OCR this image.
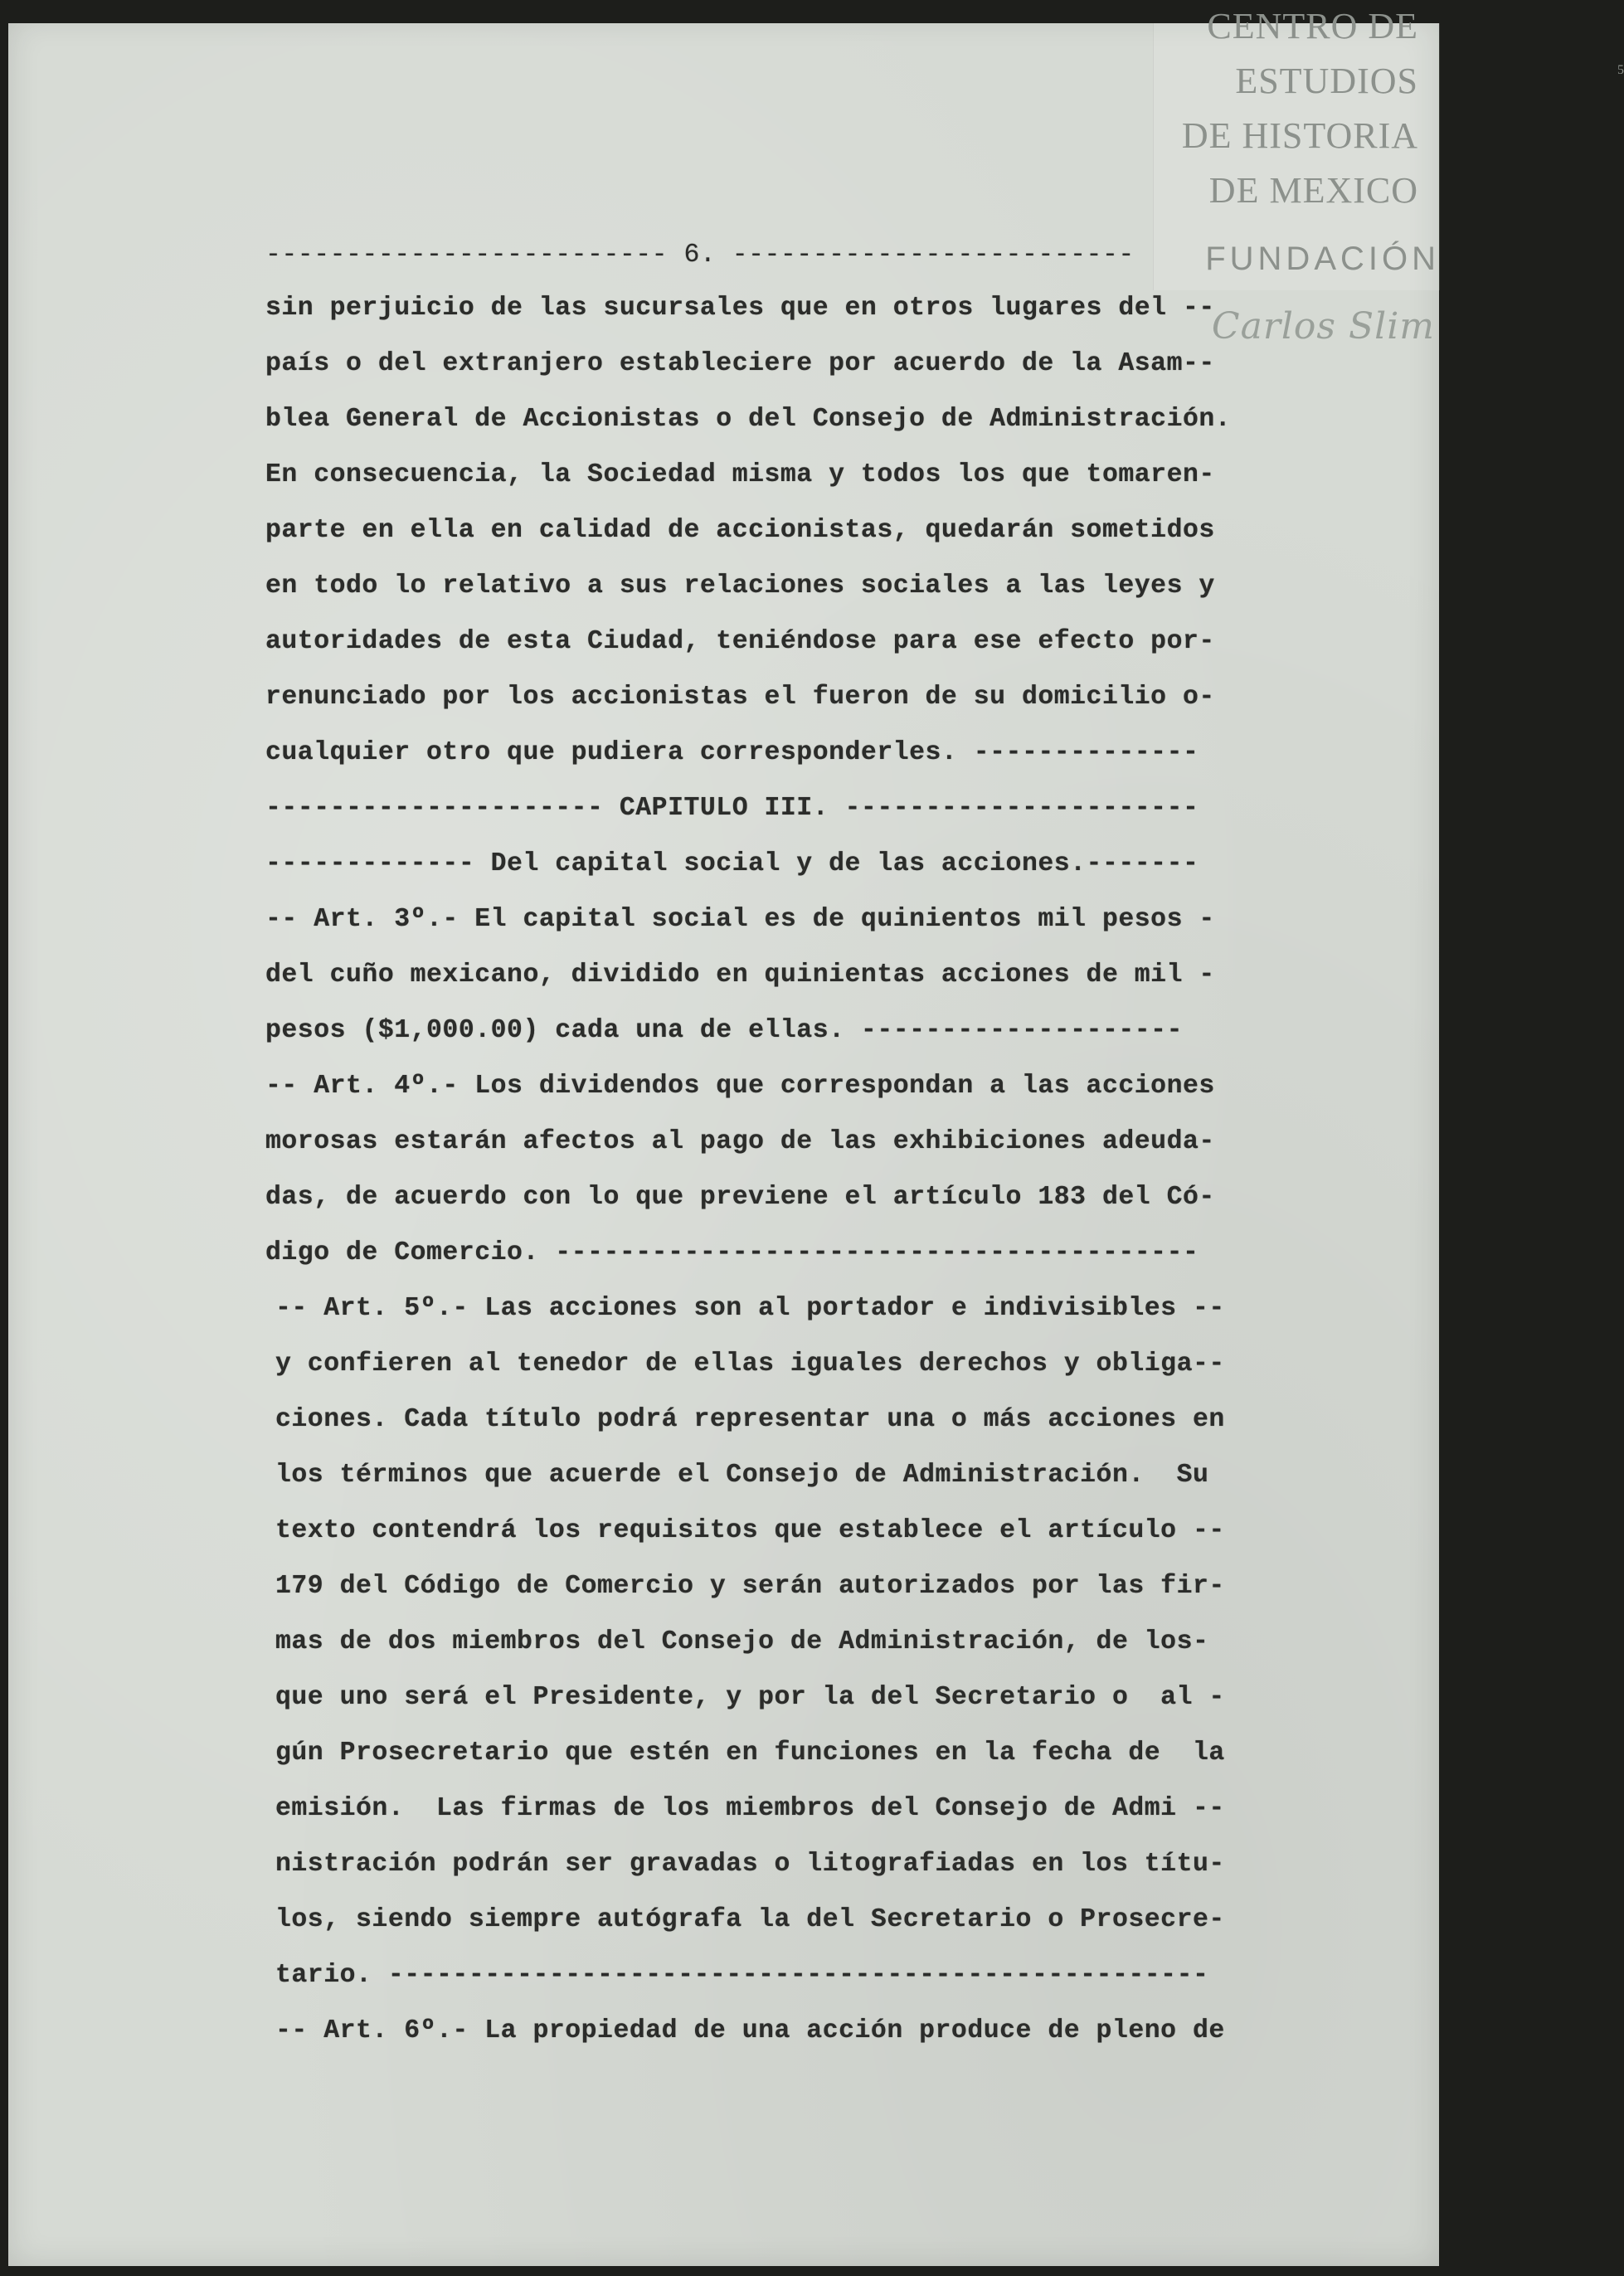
CENTRO DE
ESTUDIOS
DE HISTORIA
DE MEXICO
FUNDACIÓN
Carlos Slim
5
------------------------- 6. -------------------------
sin perjuicio de las sucursales que en otros lugares del --
país o del extranjero estableciere por acuerdo de la Asam--
blea General de Accionistas o del Consejo de Administración.
En consecuencia, la Sociedad misma y todos los que tomaren-
parte en ella en calidad de accionistas, quedarán sometidos
en todo lo relativo a sus relaciones sociales a las leyes y
autoridades de esta Ciudad, teniéndose para ese efecto por-
renunciado por los accionistas el fueron de su domicilio o-
cualquier otro que pudiera corresponderles. --------------
--------------------- CAPITULO III. ----------------------
------------- Del capital social y de las acciones.-------
-- Art. 3º.- El capital social es de quinientos mil pesos -
del cuño mexicano, dividido en quinientas acciones de mil -
pesos ($1,000.00) cada una de ellas. --------------------
-- Art. 4º.- Los dividendos que correspondan a las acciones
morosas estarán afectos al pago de las exhibiciones adeuda-
das, de acuerdo con lo que previene el artículo 183 del Có-
digo de Comercio. ----------------------------------------
-- Art. 5º.- Las acciones son al portador e indivisibles --
y confieren al tenedor de ellas iguales derechos y obliga--
ciones. Cada título podrá representar una o más acciones en
los términos que acuerde el Consejo de Administración.  Su
texto contendrá los requisitos que establece el artículo --
179 del Código de Comercio y serán autorizados por las fir-
mas de dos miembros del Consejo de Administración, de los-
que uno será el Presidente, y por la del Secretario o  al -
gún Prosecretario que estén en funciones en la fecha de  la
emisión.  Las firmas de los miembros del Consejo de Admi --
nistración podrán ser gravadas o litografiadas en los títu-
los, siendo siempre autógrafa la del Secretario o Prosecre-
tario. ---------------------------------------------------
-- Art. 6º.- La propiedad de una acción produce de pleno de
